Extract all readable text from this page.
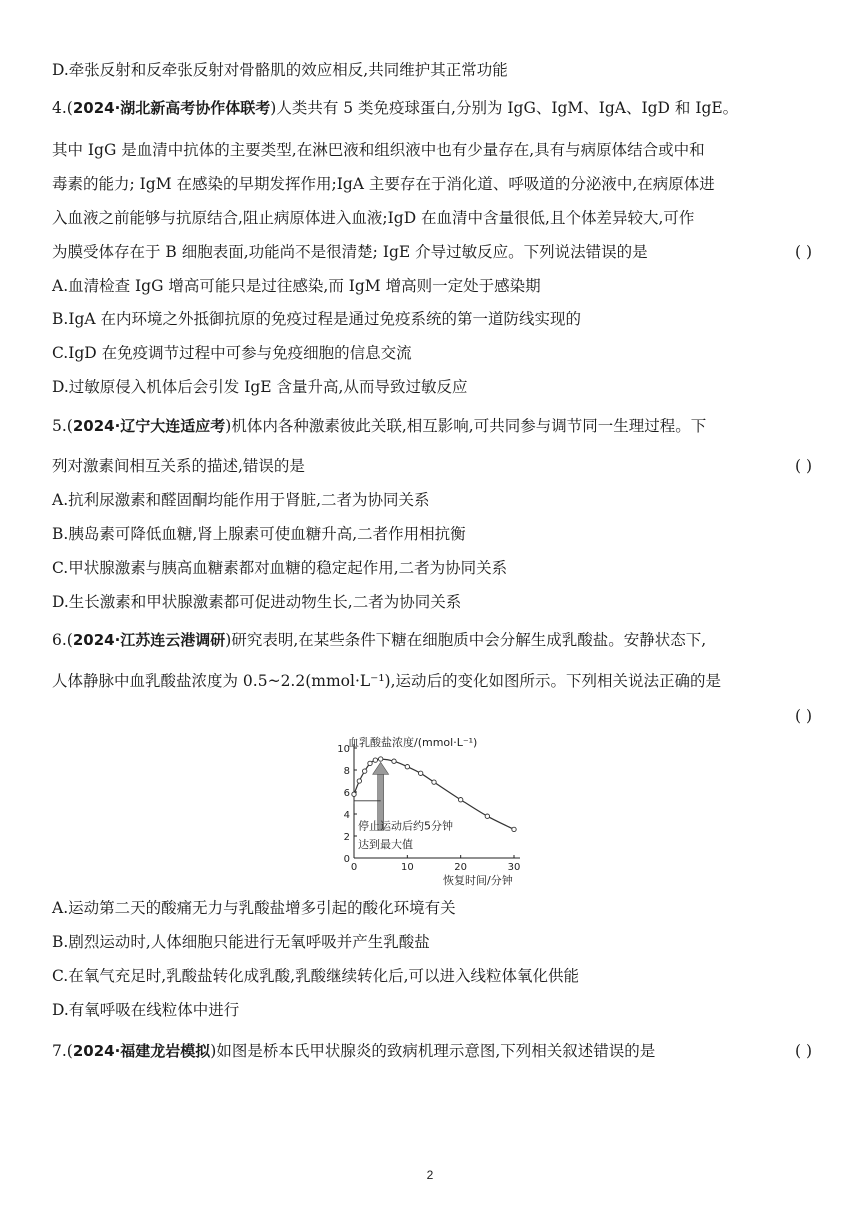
D.牵张反射和反牵张反射对骨骼肌的效应相反,共同维护其正常功能
4.(2024·湖北新高考协作体联考)人类共有 5 类免疫球蛋白,分别为 IgG、IgM、IgA、IgD 和 IgE。
其中 IgG 是血清中抗体的主要类型,在淋巴液和组织液中也有少量存在,具有与病原体结合或中和
毒素的能力; IgM 在感染的早期发挥作用;IgA 主要存在于消化道、呼吸道的分泌液中,在病原体进
入血液之前能够与抗原结合,阻止病原体进入血液;IgD 在血清中含量很低,且个体差异较大,可作
为膜受体存在于 B 细胞表面,功能尚不是很清楚; IgE 介导过敏反应。下列说法错误的是	( )
A.血清检查 IgG 增高可能只是过往感染,而 IgM 增高则一定处于感染期
B.IgA 在内环境之外抵御抗原的免疫过程是通过免疫系统的第一道防线实现的
C.IgD 在免疫调节过程中可参与免疫细胞的信息交流
D.过敏原侵入机体后会引发 IgE 含量升高,从而导致过敏反应
5.(2024·辽宁大连适应考)机体内各种激素彼此关联,相互影响,可共同参与调节同一生理过程。下
列对激素间相互关系的描述,错误的是	( )
A.抗利尿激素和醛固酮均能作用于肾脏,二者为协同关系
B.胰岛素可降低血糖,肾上腺素可使血糖升高,二者作用相抗衡
C.甲状腺激素与胰高血糖素都对血糖的稳定起作用,二者为协同关系
D.生长激素和甲状腺激素都可促进动物生长,二者为协同关系
6.(2024·江苏连云港调研)研究表明,在某些条件下糖在细胞质中会分解生成乳酸盐。安静状态下,
人体静脉中血乳酸盐浓度为 0.5~2.2(mmol·L⁻¹),运动后的变化如图所示。下列相关说法正确的是
( )
A.运动第二天的酸痛无力与乳酸盐增多引起的酸化环境有关
B.剧烈运动时,人体细胞只能进行无氧呼吸并产生乳酸盐
C.在氧气充足时,乳酸盐转化成乳酸,乳酸继续转化后,可以进入线粒体氧化供能
D.有氧呼吸在线粒体中进行
7.(2024·福建龙岩模拟)如图是桥本氏甲状腺炎的致病机理示意图,下列相关叙述错误的是	( )
0
2
4
6
8
10
0	10	20	30
停止运动后约5分钟
达到最大值
血乳酸盐浓度/(mmol·L⁻¹)
恢复时间/分钟
2
